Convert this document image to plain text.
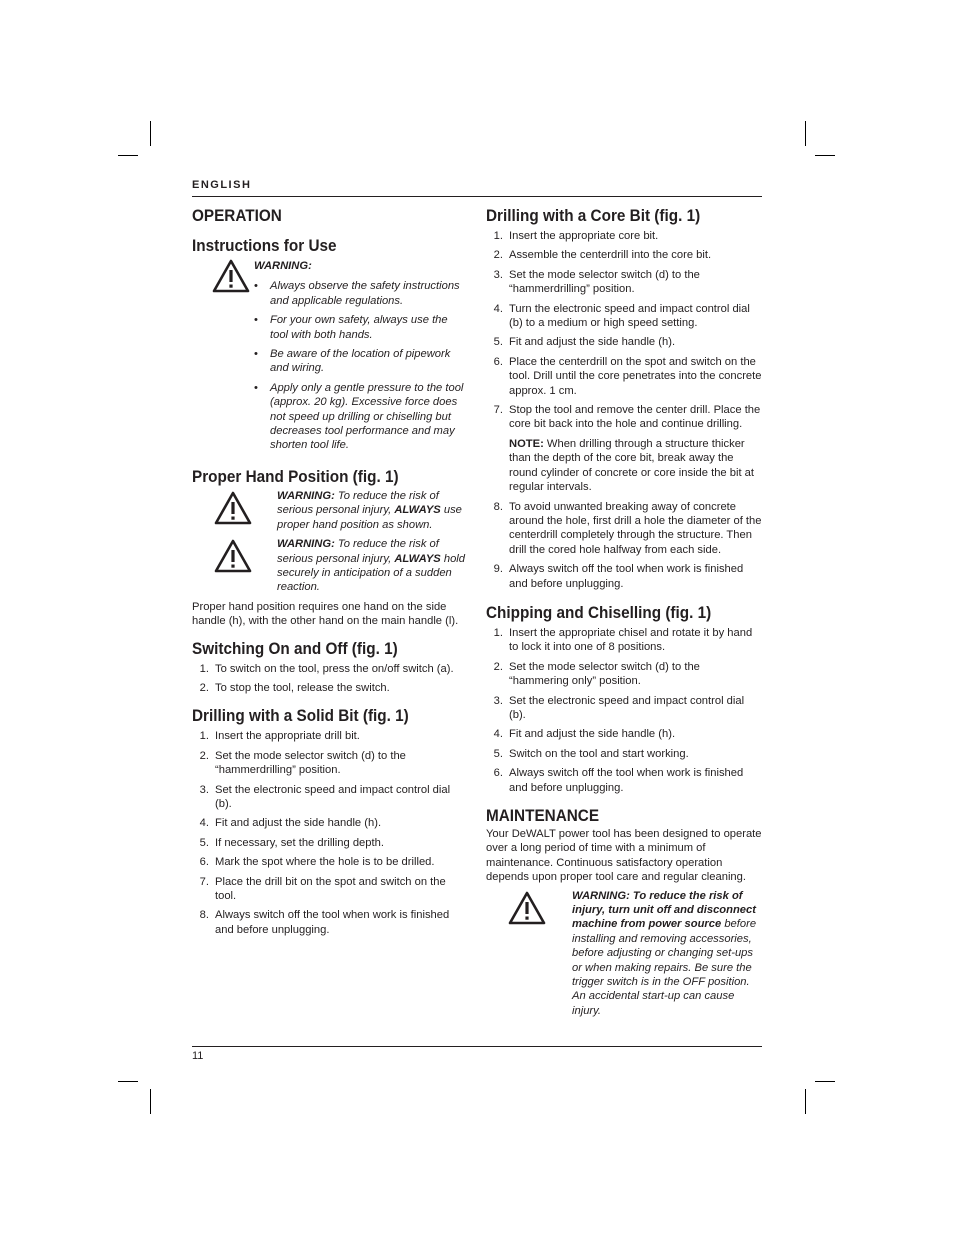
ENGLISH
OPERATION
Instructions for Use

WARNING:

•	Always observe the safety instructions and applicable regulations.
•	For your own safety, always use the tool with both hands.
•	Be aware of the location of pipework and wiring.
•	Apply only a gentle pressure to the tool (approx. 20 kg). Excessive force does not speed up drilling or chiselling but decreases tool performance and may shorten tool life.
Proper Hand Position (fig. 1)

WARNING: To reduce the risk of serious personal injury, ALWAYS use proper hand position as shown.

WARNING: To reduce the risk of serious personal injury, ALWAYS hold securely in anticipation of a sudden reaction.

Proper hand position requires one hand on the side handle (h), with the other hand on the main handle (l).

Switching On and Off (fig. 1)
1. To switch on the tool, press the on/off switch (a).
2. To stop the tool, release the switch.
Drilling with a Solid Bit (fig. 1)
1. Insert the appropriate drill bit.
2. Set the mode selector switch (d) to the “hammerdrilling” position.
3. Set the electronic speed and impact control dial (b).
4. Fit and adjust the side handle (h).
5. If necessary, set the drilling depth.
6. Mark the spot where the hole is to be drilled.
7. Place the drill bit on the spot and switch on the tool.
8. Always switch off the tool when work is finished and before unplugging.
Drilling with a Core Bit (fig. 1)
1. Insert the appropriate core bit.
2. Assemble the centerdrill into the core bit.
3. Set the mode selector switch (d) to the “hammerdrilling” position.
4. Turn the electronic speed and impact control dial (b) to a medium or high speed setting.
5. Fit and adjust the side handle (h).
6. Place the centerdrill on the spot and switch on the tool. Drill until the core penetrates into the concrete approx. 1 cm.
7. Stop the tool and remove the center drill. Place the core bit back into the hole and continue drilling.

NOTE: When drilling through a structure thicker than the depth of the core bit, break away the round cylinder of concrete or core inside the bit at regular intervals.

8. To avoid unwanted breaking away of concrete around the hole, first drill a hole the diameter of the centerdrill completely through the structure. Then drill the cored hole halfway from each side.
9. Always switch off the tool when work is finished and before unplugging.
Chipping and Chiselling (fig. 1)
1. Insert the appropriate chisel and rotate it by hand to lock it into one of 8 positions.
2. Set the mode selector switch (d) to the “hammering only” position.
3. Set the electronic speed and impact control dial (b).
4. Fit and adjust the side handle (h).
5. Switch on the tool and start working.
6. Always switch off the tool when work is finished and before unplugging.
MAINTENANCE

Your DeWALT power tool has been designed to operate over a long period of time with a minimum of maintenance. Continuous satisfactory operation depends upon proper tool care and regular cleaning.

WARNING: To reduce the risk of injury, turn unit off and disconnect machine from power source before installing and removing accessories, before adjusting or changing set-ups or when making repairs. Be sure the trigger switch is in the OFF position. An accidental start-up can cause injury.

11
